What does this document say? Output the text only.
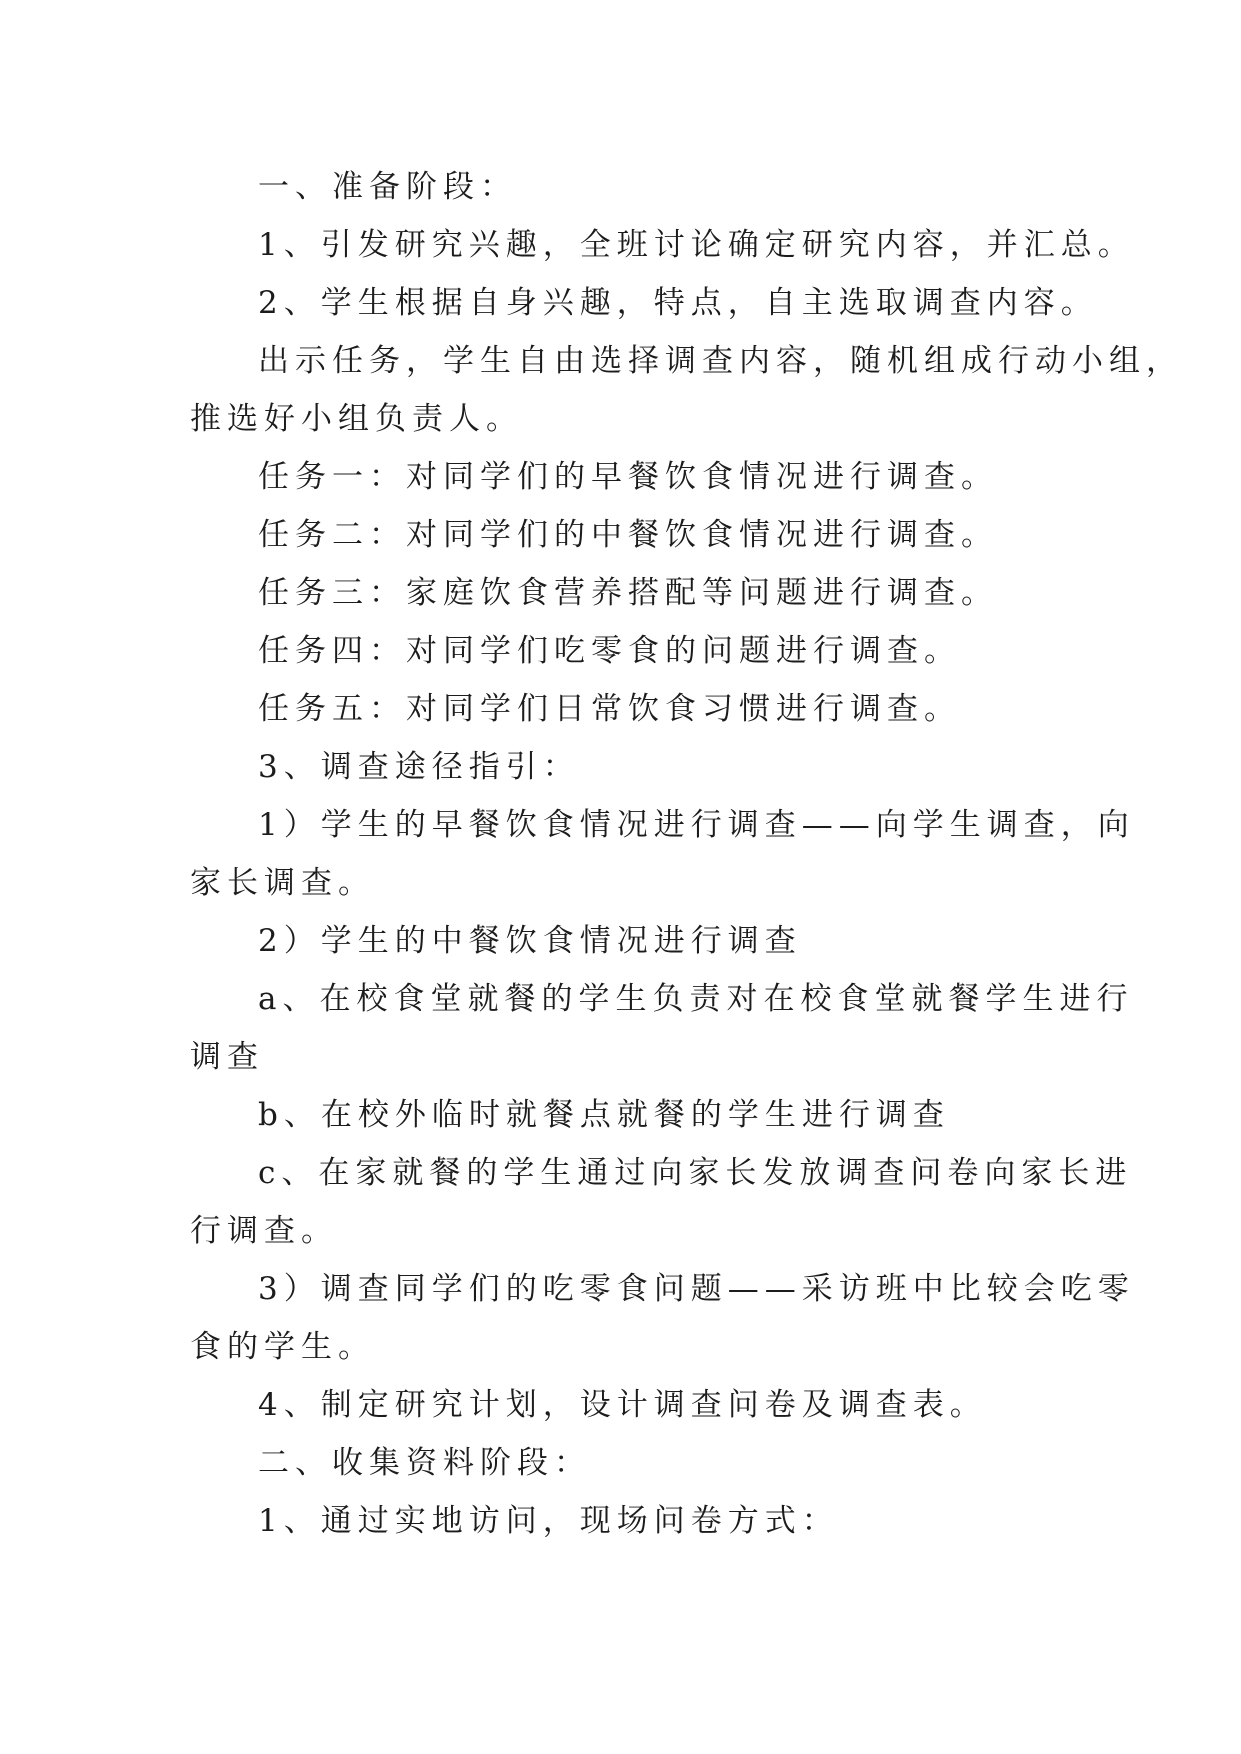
一、准备阶段：
1、引发研究兴趣，全班讨论确定研究内容，并汇总。
2、学生根据自身兴趣，特点，自主选取调查内容。
出示任务，学生自由选择调查内容，随机组成行动小组，
推选好小组负责人。
任务一：对同学们的早餐饮食情况进行调查。
任务二：对同学们的中餐饮食情况进行调查。
任务三：家庭饮食营养搭配等问题进行调查。
任务四：对同学们吃零食的问题进行调查。
任务五：对同学们日常饮食习惯进行调查。
3、调查途径指引：
1）学生的早餐饮食情况进行调查——向学生调查，向
家长调查。
2）学生的中餐饮食情况进行调查
a、在校食堂就餐的学生负责对在校食堂就餐学生进行
调查
b、在校外临时就餐点就餐的学生进行调查
c、在家就餐的学生通过向家长发放调查问卷向家长进
行调查。
3）调查同学们的吃零食问题——采访班中比较会吃零
食的学生。
4、制定研究计划，设计调查问卷及调查表。
二、收集资料阶段：
1、通过实地访问，现场问卷方式：
